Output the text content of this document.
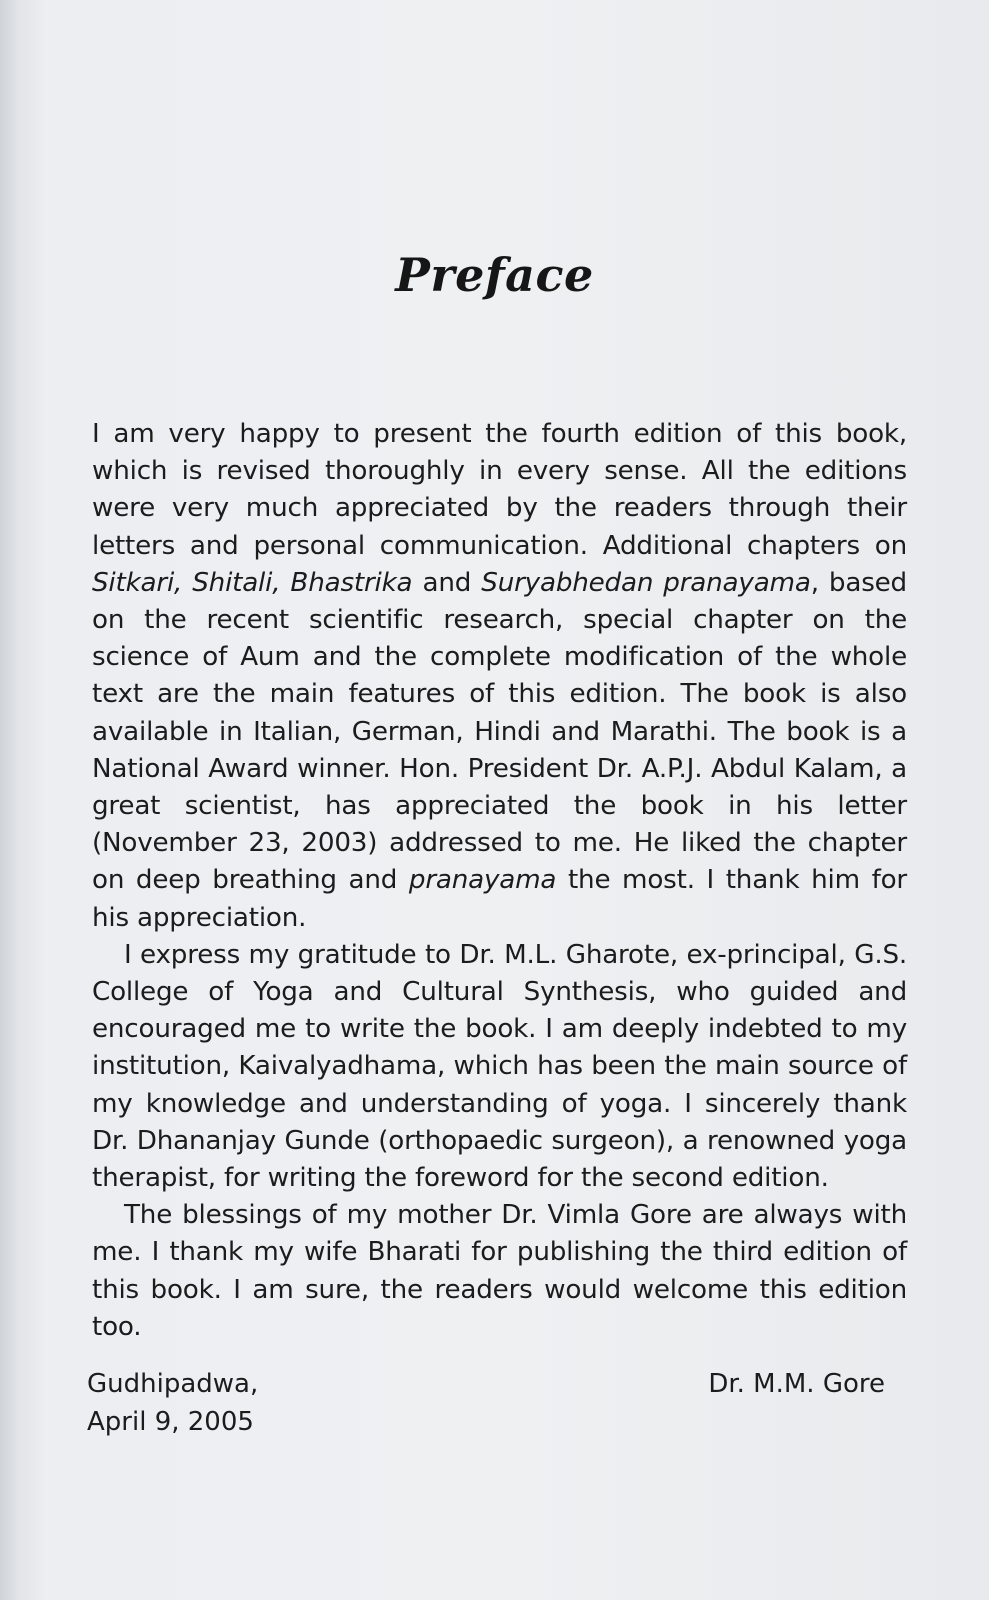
Preface

I am very happy to present the fourth edition of this book, which is revised thoroughly in every sense. All the editions were very much appreciated by the readers through their letters and personal communication. Additional chapters on Sitkari, Shitali, Bhastrika and Suryabhedan pranayama, based on the recent scientific research, special chapter on the science of Aum and the complete modification of the whole text are the main features of this edition. The book is also available in Italian, German, Hindi and Marathi. The book is a National Award winner. Hon. President Dr. A.P.J. Abdul Kalam, a great scientist, has appreciated the book in his letter (November 23, 2003) addressed to me. He liked the chapter on deep breathing and pranayama the most. I thank him for his appreciation.

I express my gratitude to Dr. M.L. Gharote, ex-principal, G.S. College of Yoga and Cultural Synthesis, who guided and encouraged me to write the book. I am deeply indebted to my institution, Kaivalyadhama, which has been the main source of my knowledge and understanding of yoga. I sincerely thank Dr. Dhananjay Gunde (orthopaedic surgeon), a renowned yoga therapist, for writing the foreword for the second edition.

The blessings of my mother Dr. Vimla Gore are always with me. I thank my wife Bharati for publishing the third edition of this book. I am sure, the readers would welcome this edition too.

Gudhipadwa,
April 9, 2005
Dr. M.M. Gore
